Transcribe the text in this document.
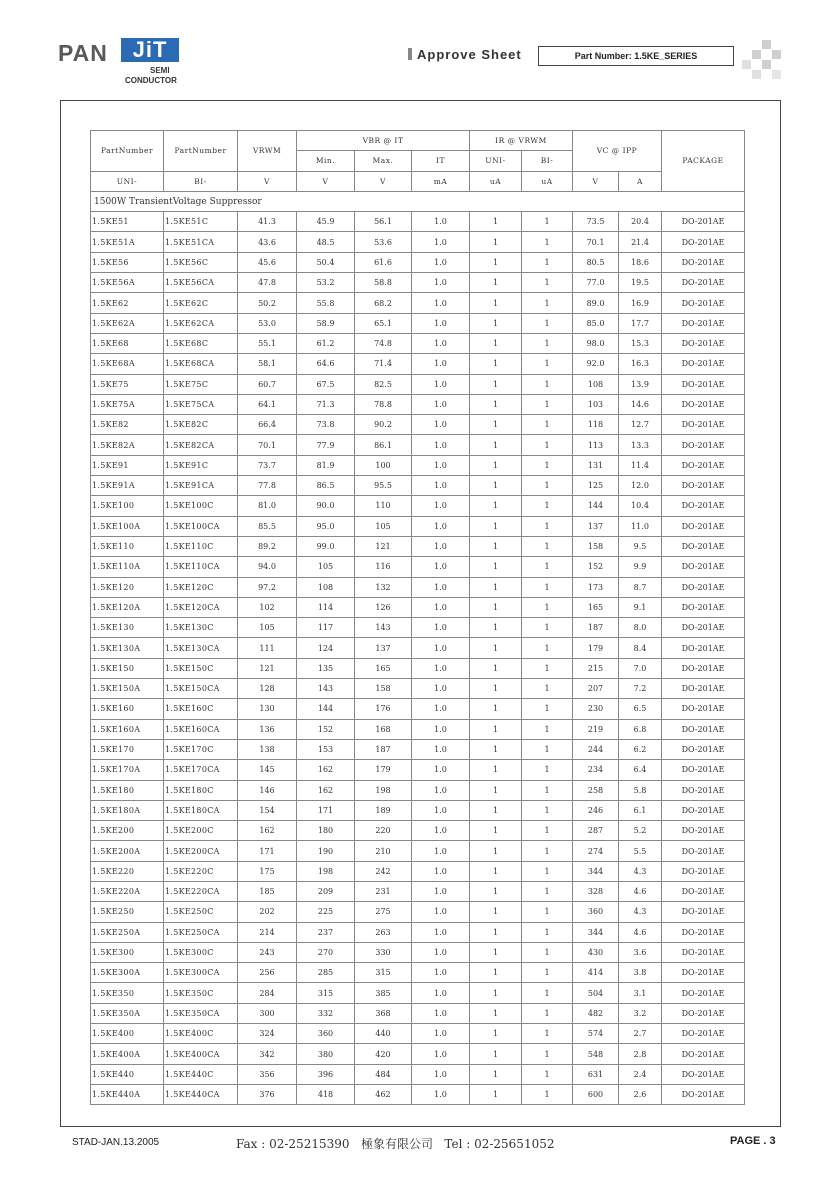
PAN	JiT
SEMI
CONDUCTOR
Approve Sheet	Part Number: 1.5KE_SERIES
PartNumber	PartNumber	VRWM	VBR @ IT			IR @ VRWM		VC @ IPP		PACKAGE
			Min.	Max.	IT	UNI-	BI-			
UNI-	BI-	V	V	V	mA	uA	uA	V	A	
1500W TransientVoltage Suppressor										
1.5KE51	1.5KE51C	41.3	45.9	56.1	1.0	1	1	73.5	20.4	DO-201AE
1.5KE51A	1.5KE51CA	43.6	48.5	53.6	1.0	1	1	70.1	21.4	DO-201AE
1.5KE56	1.5KE56C	45.6	50.4	61.6	1.0	1	1	80.5	18.6	DO-201AE
1.5KE56A	1.5KE56CA	47.8	53.2	58.8	1.0	1	1	77.0	19.5	DO-201AE
1.5KE62	1.5KE62C	50.2	55.8	68.2	1.0	1	1	89.0	16.9	DO-201AE
1.5KE62A	1.5KE62CA	53.0	58.9	65.1	1.0	1	1	85.0	17.7	DO-201AE
1.5KE68	1.5KE68C	55.1	61.2	74.8	1.0	1	1	98.0	15.3	DO-201AE
1.5KE68A	1.5KE68CA	58.1	64.6	71.4	1.0	1	1	92.0	16.3	DO-201AE
1.5KE75	1.5KE75C	60.7	67.5	82.5	1.0	1	1	108	13.9	DO-201AE
1.5KE75A	1.5KE75CA	64.1	71.3	78.8	1.0	1	1	103	14.6	DO-201AE
1.5KE82	1.5KE82C	66.4	73.8	90.2	1.0	1	1	118	12.7	DO-201AE
1.5KE82A	1.5KE82CA	70.1	77.9	86.1	1.0	1	1	113	13.3	DO-201AE
1.5KE91	1.5KE91C	73.7	81.9	100	1.0	1	1	131	11.4	DO-201AE
1.5KE91A	1.5KE91CA	77.8	86.5	95.5	1.0	1	1	125	12.0	DO-201AE
1.5KE100	1.5KE100C	81.0	90.0	110	1.0	1	1	144	10.4	DO-201AE
1.5KE100A	1.5KE100CA	85.5	95.0	105	1.0	1	1	137	11.0	DO-201AE
1.5KE110	1.5KE110C	89.2	99.0	121	1.0	1	1	158	9.5	DO-201AE
1.5KE110A	1.5KE110CA	94.0	105	116	1.0	1	1	152	9.9	DO-201AE
1.5KE120	1.5KE120C	97.2	108	132	1.0	1	1	173	8.7	DO-201AE
1.5KE120A	1.5KE120CA	102	114	126	1.0	1	1	165	9.1	DO-201AE
1.5KE130	1.5KE130C	105	117	143	1.0	1	1	187	8.0	DO-201AE
1.5KE130A	1.5KE130CA	111	124	137	1.0	1	1	179	8.4	DO-201AE
1.5KE150	1.5KE150C	121	135	165	1.0	1	1	215	7.0	DO-201AE
1.5KE150A	1.5KE150CA	128	143	158	1.0	1	1	207	7.2	DO-201AE
1.5KE160	1.5KE160C	130	144	176	1.0	1	1	230	6.5	DO-201AE
1.5KE160A	1.5KE160CA	136	152	168	1.0	1	1	219	6.8	DO-201AE
1.5KE170	1.5KE170C	138	153	187	1.0	1	1	244	6.2	DO-201AE
1.5KE170A	1.5KE170CA	145	162	179	1.0	1	1	234	6.4	DO-201AE
1.5KE180	1.5KE180C	146	162	198	1.0	1	1	258	5.8	DO-201AE
1.5KE180A	1.5KE180CA	154	171	189	1.0	1	1	246	6.1	DO-201AE
1.5KE200	1.5KE200C	162	180	220	1.0	1	1	287	5.2	DO-201AE
1.5KE200A	1.5KE200CA	171	190	210	1.0	1	1	274	5.5	DO-201AE
1.5KE220	1.5KE220C	175	198	242	1.0	1	1	344	4.3	DO-201AE
1.5KE220A	1.5KE220CA	185	209	231	1.0	1	1	328	4.6	DO-201AE
1.5KE250	1.5KE250C	202	225	275	1.0	1	1	360	4.3	DO-201AE
1.5KE250A	1.5KE250CA	214	237	263	1.0	1	1	344	4.6	DO-201AE
1.5KE300	1.5KE300C	243	270	330	1.0	1	1	430	3.6	DO-201AE
1.5KE300A	1.5KE300CA	256	285	315	1.0	1	1	414	3.8	DO-201AE
1.5KE350	1.5KE350C	284	315	385	1.0	1	1	504	3.1	DO-201AE
1.5KE350A	1.5KE350CA	300	332	368	1.0	1	1	482	3.2	DO-201AE
1.5KE400	1.5KE400C	324	360	440	1.0	1	1	574	2.7	DO-201AE
1.5KE400A	1.5KE400CA	342	380	420	1.0	1	1	548	2.8	DO-201AE
1.5KE440	1.5KE440C	356	396	484	1.0	1	1	631	2.4	DO-201AE
1.5KE440A	1.5KE440CA	376	418	462	1.0	1	1	600	2.6	DO-201AE
STAD-JAN.13.2005	Fax : 02-25215390   極象有限公司   Tel : 02-25651052	PAGE . 3
